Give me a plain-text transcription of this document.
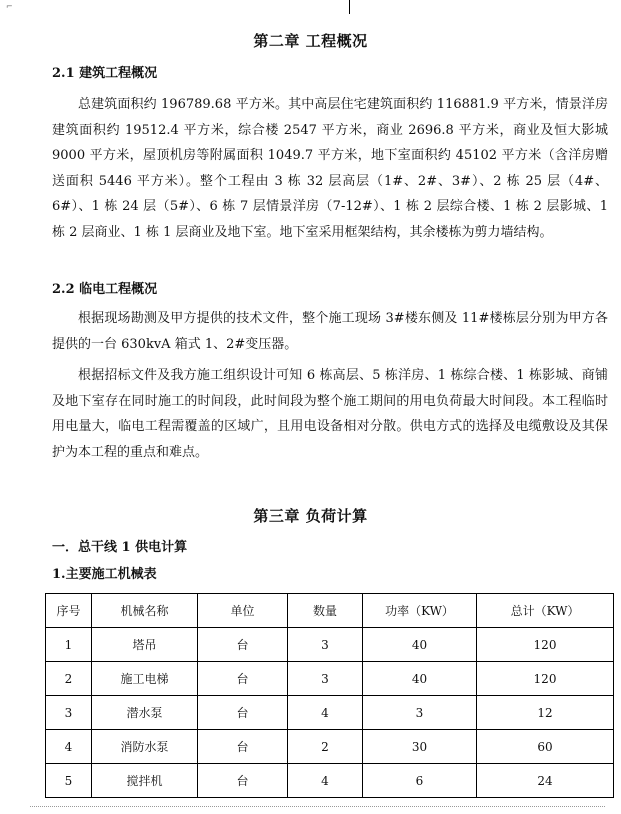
⌐
第二章 工程概况
2.1 建筑工程概况
总建筑面积约 196789.68 平方米。其中高层住宅建筑面积约 116881.9 平方米，情景洋房建筑面积约 19512.4 平方米，综合楼 2547 平方米，商业 2696.8 平方米，商业及恒大影城 9000 平方米，屋顶机房等附属面积 1049.7 平方米，地下室面积约 45102 平方米（含洋房赠送面积 5446 平方米）。整个工程由 3 栋 32 层高层（1#、2#、3#）、2 栋 25 层（4#、6#）、1 栋 24 层（5#）、6 栋 7 层情景洋房（7-12#）、1 栋 2 层综合楼、1 栋 2 层影城、1 栋 2 层商业、1 栋 1 层商业及地下室。地下室采用框架结构，其余楼栋为剪力墙结构。
2.2 临电工程概况
根据现场勘测及甲方提供的技术文件，整个施工现场 3#楼东侧及 11#楼栋层分别为甲方各提供的一台 630kvA 箱式 1、2#变压器。
根据招标文件及我方施工组织设计可知 6 栋高层、5 栋洋房、1 栋综合楼、1 栋影城、商铺及地下室存在同时施工的时间段，此时间段为整个施工期间的用电负荷最大时间段。本工程临时用电量大，临电工程需覆盖的区域广，且用电设备相对分散。供电方式的选择及电缆敷设及其保护为本工程的重点和难点。
第三章 负荷计算
一．总干线 1 供电计算
1.主要施工机械表
序号	机械名称	单位	数量	功率（KW）	总计（KW）
1	塔吊	台	3	40	120
2	施工电梯	台	3	40	120
3	潜水泵	台	4	3	12
4	消防水泵	台	2	30	60
5	搅拌机	台	4	6	24
